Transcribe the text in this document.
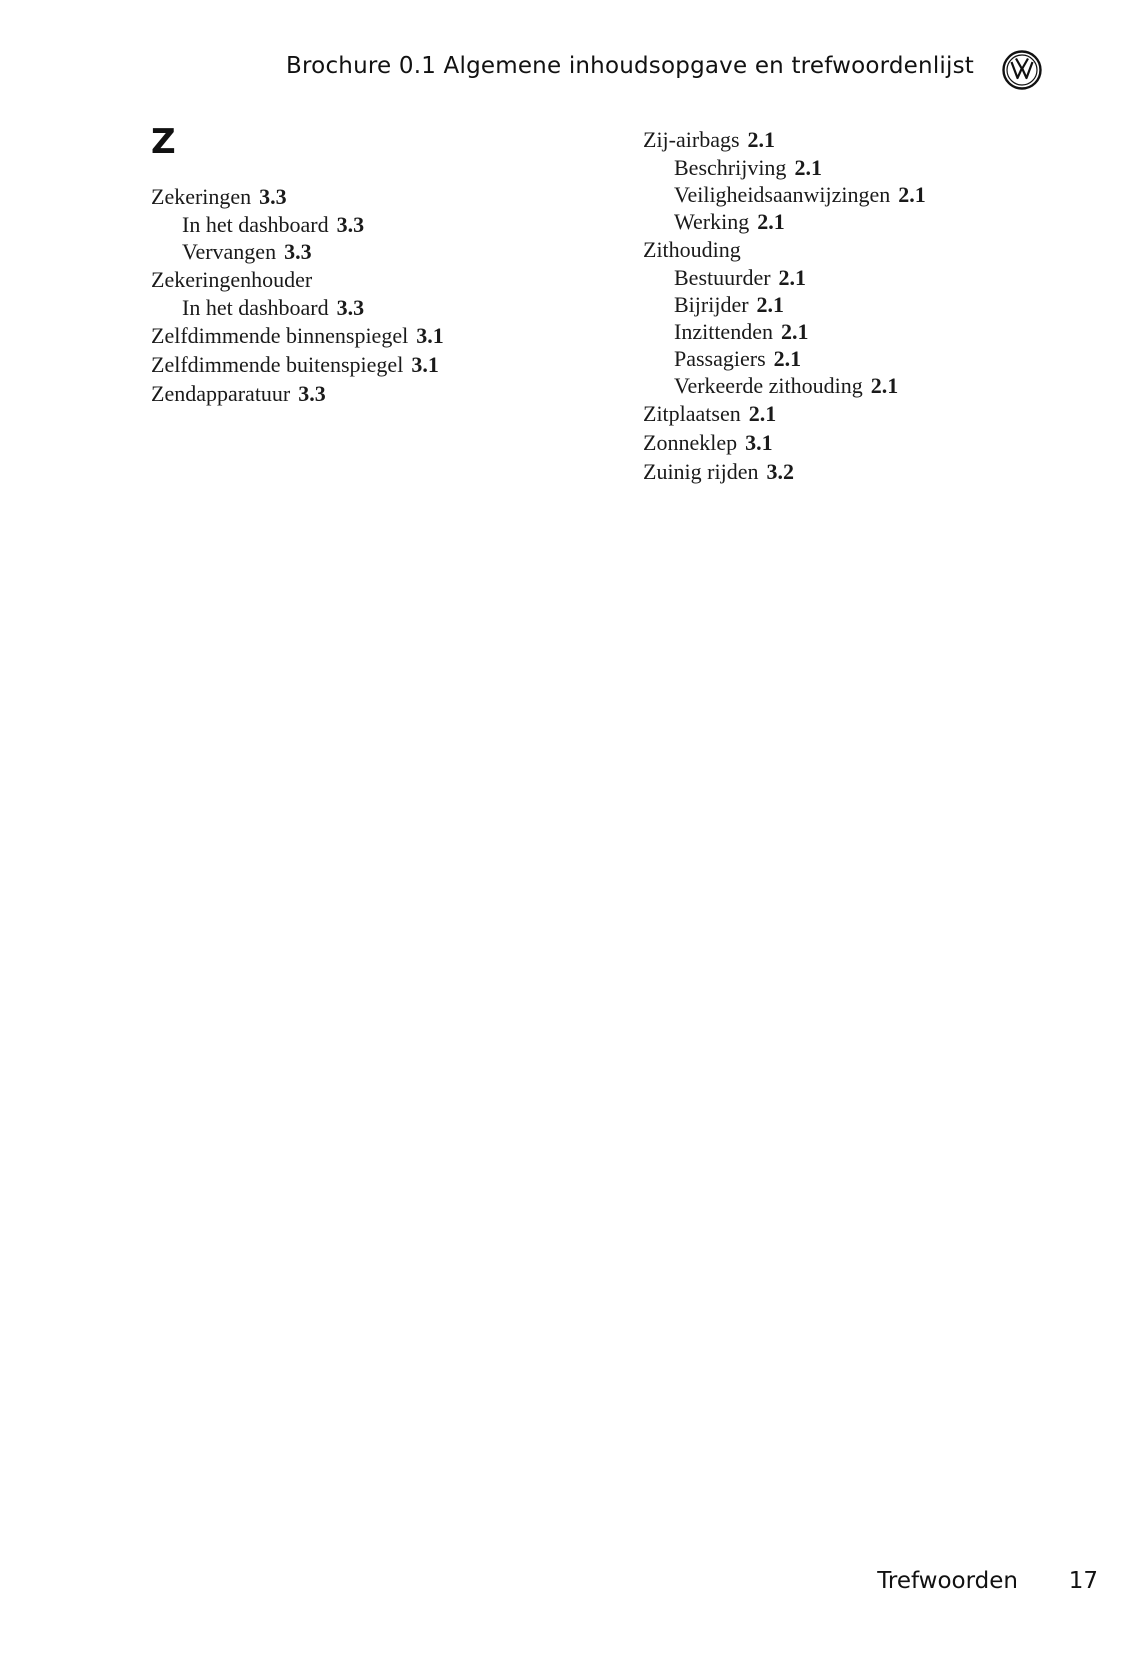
Brochure 0.1 Algemene inhoudsopgave en trefwoordenlijst
Z
Zekeringen 3.3
In het dashboard 3.3
Vervangen 3.3
Zekeringenhouder
In het dashboard 3.3
Zelfdimmende binnenspiegel 3.1
Zelfdimmende buitenspiegel 3.1
Zendapparatuur 3.3
Zij-airbags 2.1
Beschrijving 2.1
Veiligheidsaanwijzingen 2.1
Werking 2.1
Zithouding
Bestuurder 2.1
Bijrijder 2.1
Inzittenden 2.1
Passagiers 2.1
Verkeerde zithouding 2.1
Zitplaatsen 2.1
Zonneklep 3.1
Zuinig rijden 3.2
Trefwoorden 17
